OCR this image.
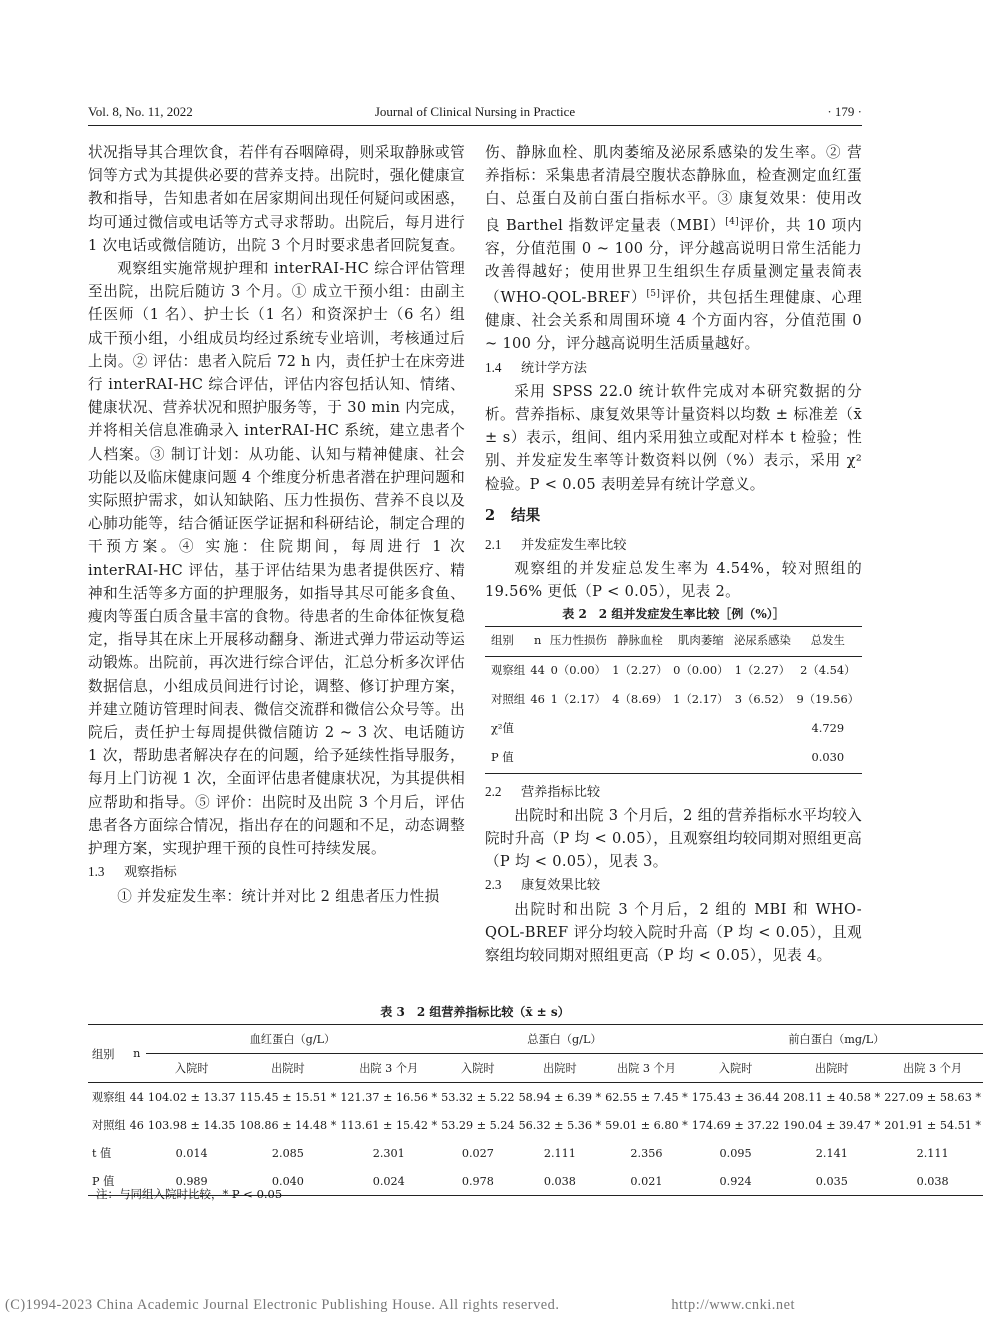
Vol. 8, No. 11, 2022	Journal of Clinical Nursing in Practice	· 179 ·

状况指导其合理饮食，若伴有吞咽障碍，则采取静脉或管饲等方式为其提供必要的营养支持。出院时，强化健康宣教和指导，告知患者如在居家期间出现任何疑问或困惑，均可通过微信或电话等方式寻求帮助。出院后，每月进行 1 次电话或微信随访，出院 3 个月时要求患者回院复查。

观察组实施常规护理和 interRAI-HC 综合评估管理至出院，出院后随访 3 个月。① 成立干预小组：由副主任医师（1 名）、护士长（1 名）和资深护士（6 名）组成干预小组，小组成员均经过系统专业培训，考核通过后上岗。② 评估：患者入院后 72 h 内，责任护士在床旁进行 interRAI-HC 综合评估，评估内容包括认知、情绪、健康状况、营养状况和照护服务等，于 30 min 内完成，并将相关信息准确录入 interRAI-HC 系统，建立患者个人档案。③ 制订计划：从功能、认知与精神健康、社会功能以及临床健康问题 4 个维度分析患者潜在护理问题和实际照护需求，如认知缺陷、压力性损伤、营养不良以及心肺功能等，结合循证医学证据和科研结论，制定合理的干预方案。④ 实施：住院期间，每周进行 1 次 interRAI-HC 评估，基于评估结果为患者提供医疗、精神和生活等多方面的护理服务，如指导其尽可能多食鱼、瘦肉等蛋白质含量丰富的食物。待患者的生命体征恢复稳定，指导其在床上开展移动翻身、渐进式弹力带运动等运动锻炼。出院前，再次进行综合评估，汇总分析多次评估数据信息，小组成员间进行讨论，调整、修订护理方案，并建立随访管理时间表、微信交流群和微信公众号等。出院后，责任护士每周提供微信随访 2 ~ 3 次、电话随访 1 次，帮助患者解决存在的问题，给予延续性指导服务，每月上门访视 1 次，全面评估患者健康状况，为其提供相应帮助和指导。⑤ 评价：出院时及出院 3 个月后，评估患者各方面综合情况，指出存在的问题和不足，动态调整护理方案，实现护理干预的良性可持续发展。

1.3 观察指标

① 并发症发生率：统计并对比 2 组患者压力性损

伤、静脉血栓、肌肉萎缩及泌尿系感染的发生率。② 营养指标：采集患者清晨空腹状态静脉血，检查测定血红蛋白、总蛋白及前白蛋白指标水平。③ 康复效果：使用改良 Barthel 指数评定量表（MBI）[4]评价，共 10 项内容，分值范围 0 ~ 100 分，评分越高说明日常生活能力改善得越好；使用世界卫生组织生存质量测定量表简表（WHO-QOL-BREF）[5]评价，共包括生理健康、心理健康、社会关系和周围环境 4 个方面内容，分值范围 0 ~ 100 分，评分越高说明生活质量越好。

1.4 统计学方法

采用 SPSS 22.0 统计软件完成对本研究数据的分析。营养指标、康复效果等计量资料以均数 ± 标准差（x̄ ± s）表示，组间、组内采用独立或配对样本 t 检验；性别、并发症发生率等计数资料以例（%）表示，采用 χ² 检验。P < 0.05 表明差异有统计学意义。

2 结果

2.1 并发症发生率比较

观察组的并发症总发生率为 4.54%，较对照组的 19.56% 更低（P < 0.05），见表 2。

表 2　2 组并发症发生率比较［例（%）］

组别	n	压力性损伤	静脉血栓	肌肉萎缩	泌尿系感染	总发生
观察组	44	0（0.00）	1（2.27）	0（0.00）	1（2.27）	2（4.54）
对照组	46	1（2.17）	4（8.69）	1（2.17）	3（6.52）	9（19.56）
χ²值						4.729
P 值						0.030

2.2 营养指标比较

出院时和出院 3 个月后，2 组的营养指标水平均较入院时升高（P 均 < 0.05），且观察组均较同期对照组更高（P 均 < 0.05），见表 3。

2.3 康复效果比较

出院时和出院 3 个月后，2 组的 MBI 和 WHO-QOL-BREF 评分均较入院时升高（P 均 < 0.05），且观察组均较同期对照组更高（P 均 < 0.05），见表 4。

表 3　2 组营养指标比较（x̄ ± s）

组别	n	血红蛋白（g/L）			总蛋白（g/L）			前白蛋白（mg/L）		
		入院时	出院时	出院 3 个月	入院时	出院时	出院 3 个月	入院时	出院时	出院 3 个月
观察组	44	104.02 ± 13.37	115.45 ± 15.51 *	121.37 ± 16.56 *	53.32 ± 5.22	58.94 ± 6.39 *	62.55 ± 7.45 *	175.43 ± 36.44	208.11 ± 40.58 *	227.09 ± 58.63 *
对照组	46	103.98 ± 14.35	108.86 ± 14.48 *	113.61 ± 15.42 *	53.29 ± 5.24	56.32 ± 5.36 *	59.01 ± 6.80 *	174.69 ± 37.22	190.04 ± 39.47 *	201.91 ± 54.51 *
t 值		0.014	2.085	2.301	0.027	2.111	2.356	0.095	2.141	2.111
P 值		0.989	0.040	0.024	0.978	0.038	0.021	0.924	0.035	0.038
注：与同组入院时比较，* P < 0.05
(C)1994-2023 China Academic Journal Electronic Publishing House. All rights reserved.	http://www.cnki.net
